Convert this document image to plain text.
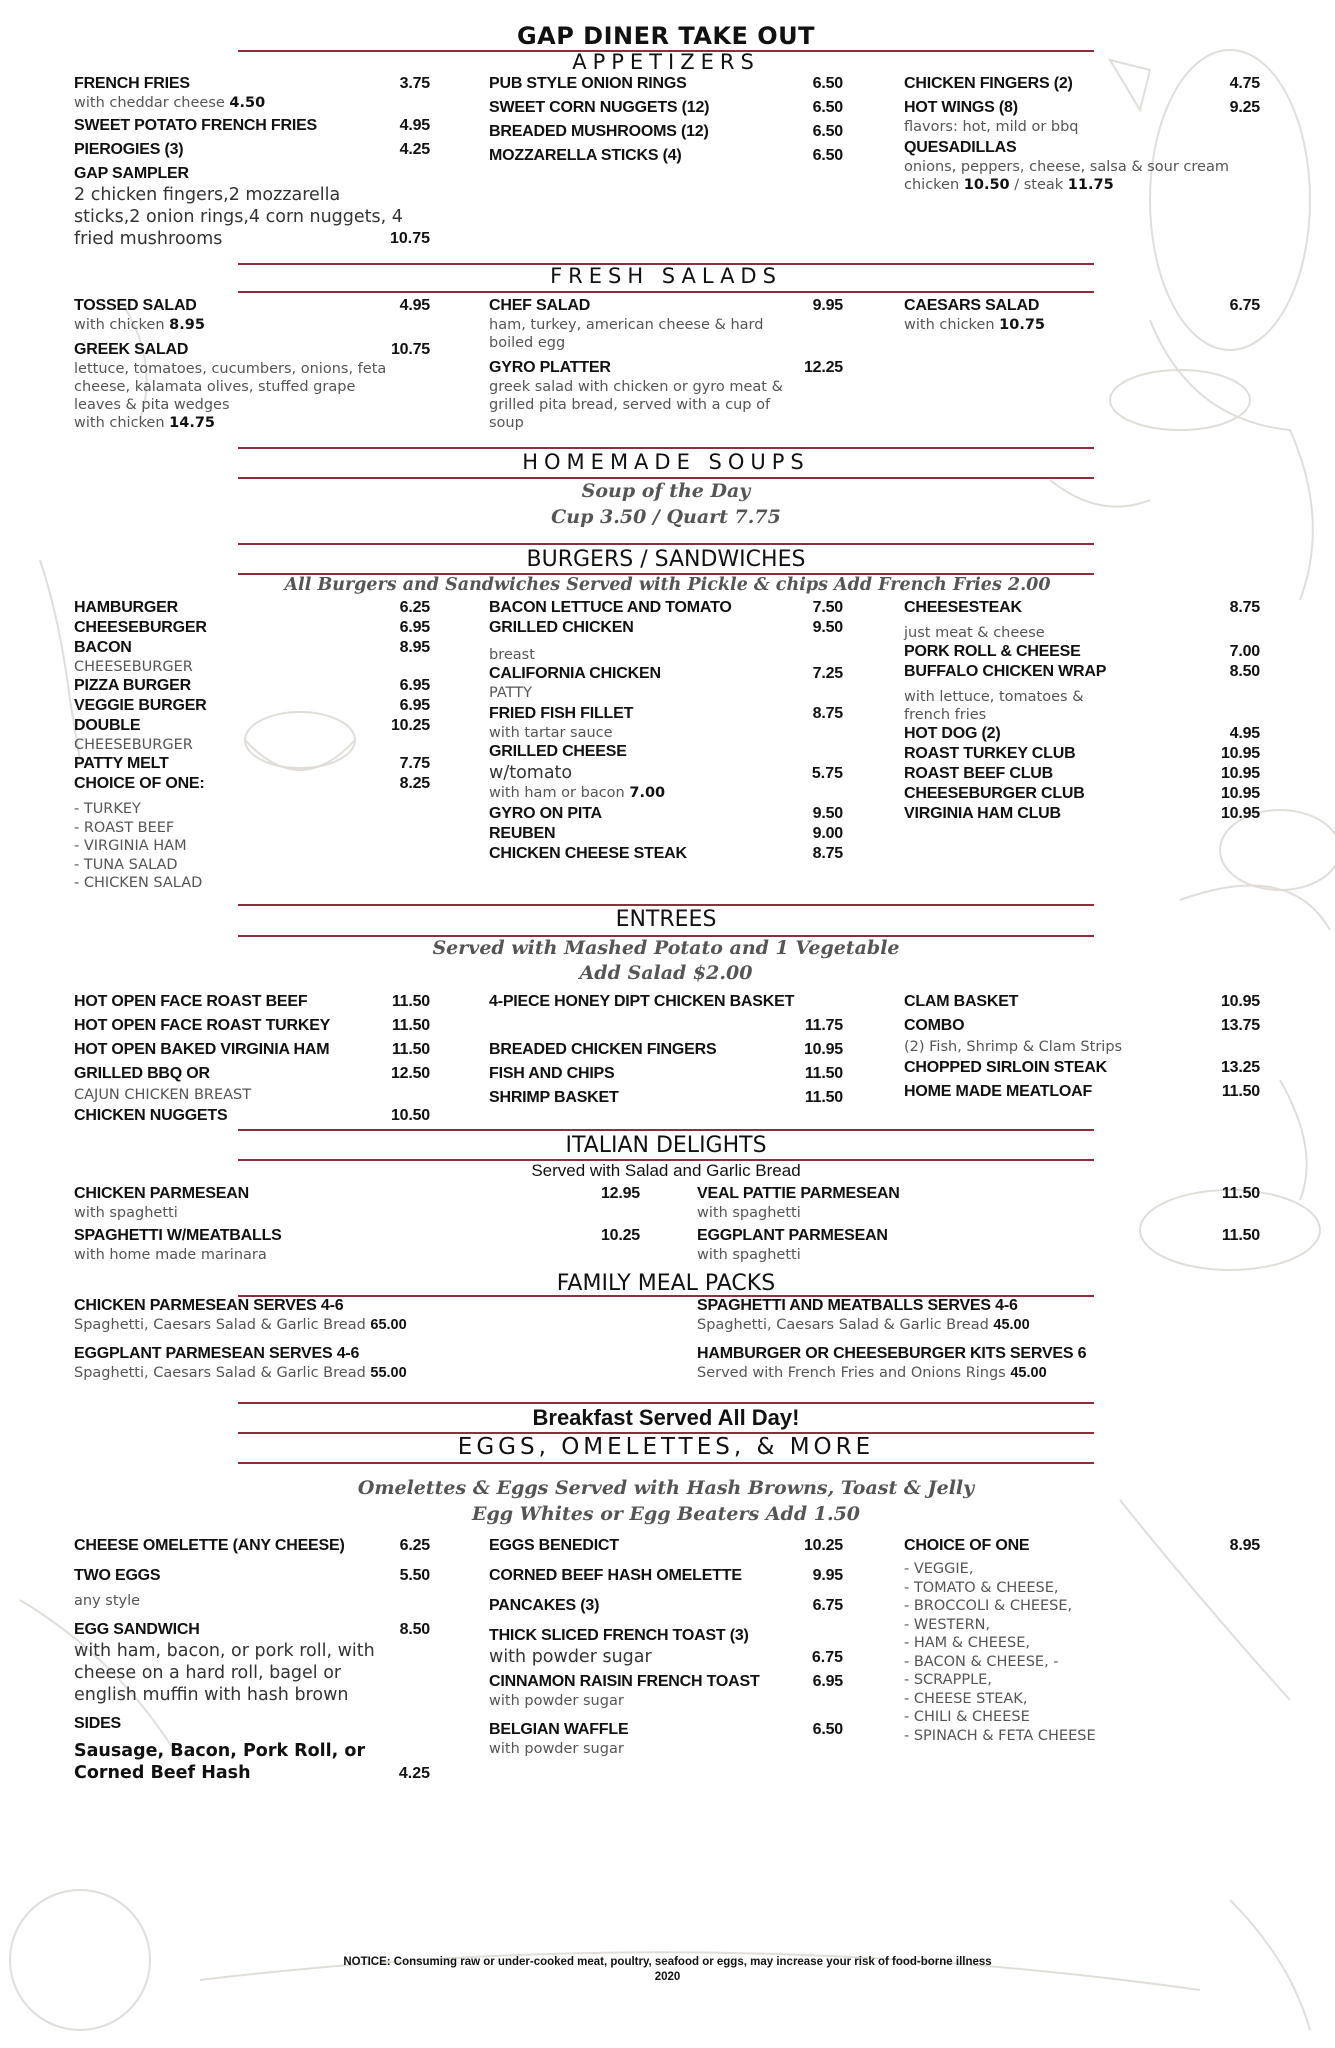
GAP DINER TAKE OUT
APPETIZERS
FRENCH FRIES	3.75
with cheddar cheese 4.50
SWEET POTATO FRENCH FRIES	4.95
PIEROGIES (3)	4.25
GAP SAMPLER
2 chicken fingers,2 mozzarella
sticks,2 onion rings,4 corn nuggets, 4
fried mushrooms	10.75
PUB STYLE ONION RINGS	6.50
SWEET CORN NUGGETS (12)	6.50
BREADED MUSHROOMS (12)	6.50
MOZZARELLA STICKS (4)	6.50
CHICKEN FINGERS (2)	4.75
HOT WINGS (8)	9.25
flavors: hot, mild or bbq
QUESADILLAS
onions, peppers, cheese, salsa & sour cream
chicken 10.50 / steak 11.75
FRESH SALADS
TOSSED SALAD	4.95
with chicken 8.95
GREEK SALAD	10.75
lettuce, tomatoes, cucumbers, onions, feta
cheese, kalamata olives, stuffed grape
leaves & pita wedges
with chicken 14.75
CHEF SALAD	9.95
ham, turkey, american cheese & hard
boiled egg
GYRO PLATTER	12.25
greek salad with chicken or gyro meat &
grilled pita bread, served with a cup of
soup
CAESARS SALAD	6.75
with chicken 10.75
HOMEMADE SOUPS
Soup of the Day
Cup 3.50 / Quart 7.75
BURGERS / SANDWICHES
All Burgers and Sandwiches Served with Pickle & chips Add French Fries 2.00
HAMBURGER	6.25
CHEESEBURGER	6.95
BACON	8.95
CHEESEBURGER
PIZZA BURGER	6.95
VEGGIE BURGER	6.95
DOUBLE	10.25
CHEESEBURGER
PATTY MELT	7.75
CHOICE OF ONE:	8.25
- TURKEY
- ROAST BEEF
- VIRGINIA HAM
- TUNA SALAD
- CHICKEN SALAD
BACON LETTUCE AND TOMATO	7.50
GRILLED CHICKEN	9.50
breast
CALIFORNIA CHICKEN	7.25
PATTY
FRIED FISH FILLET	8.75
with tartar sauce
GRILLED CHEESE
w/tomato	5.75
with ham or bacon 7.00
GYRO ON PITA	9.50
REUBEN	9.00
CHICKEN CHEESE STEAK	8.75
CHEESESTEAK	8.75
just meat & cheese
PORK ROLL & CHEESE	7.00
BUFFALO CHICKEN WRAP	8.50
with lettuce, tomatoes &
french fries
HOT DOG (2)	4.95
ROAST TURKEY CLUB	10.95
ROAST BEEF CLUB	10.95
CHEESEBURGER CLUB	10.95
VIRGINIA HAM CLUB	10.95
ENTREES
Served with Mashed Potato and 1 Vegetable
Add Salad $2.00
HOT OPEN FACE ROAST BEEF	11.50
HOT OPEN FACE ROAST TURKEY	11.50
HOT OPEN BAKED VIRGINIA HAM	11.50
GRILLED BBQ OR	12.50
CAJUN CHICKEN BREAST
CHICKEN NUGGETS	10.50
4-PIECE HONEY DIPT CHICKEN BASKET
11.75
BREADED CHICKEN FINGERS	10.95
FISH AND CHIPS	11.50
SHRIMP BASKET	11.50
CLAM BASKET	10.95
COMBO	13.75
(2) Fish, Shrimp & Clam Strips
CHOPPED SIRLOIN STEAK	13.25
HOME MADE MEATLOAF	11.50
ITALIAN DELIGHTS
Served with Salad and Garlic Bread
CHICKEN PARMESEAN	12.95
with spaghetti
SPAGHETTI W/MEATBALLS	10.25
with home made marinara
VEAL PATTIE PARMESEAN	11.50
with spaghetti
EGGPLANT PARMESEAN	11.50
with spaghetti
FAMILY MEAL PACKS
CHICKEN PARMESEAN SERVES 4-6
Spaghetti, Caesars Salad & Garlic Bread 65.00
EGGPLANT PARMESEAN SERVES 4-6
Spaghetti, Caesars Salad & Garlic Bread 55.00
SPAGHETTI AND MEATBALLS SERVES 4-6
Spaghetti, Caesars Salad & Garlic Bread 45.00
HAMBURGER OR CHEESEBURGER KITS SERVES 6
Served with French Fries and Onions Rings 45.00
Breakfast Served All Day!
EGGS, OMELETTES, & MORE
Omelettes & Eggs Served with Hash Browns, Toast & Jelly
Egg Whites or Egg Beaters Add 1.50
CHEESE OMELETTE (ANY CHEESE)	6.25
TWO EGGS	5.50
any style
EGG SANDWICH	8.50
with ham, bacon, or pork roll, with
cheese on a hard roll, bagel or
english muffin with hash brown
SIDES
Sausage, Bacon, Pork Roll, or
Corned Beef Hash	4.25
EGGS BENEDICT	10.25
CORNED BEEF HASH OMELETTE	9.95
PANCAKES (3)	6.75
THICK SLICED FRENCH TOAST (3)
with powder sugar	6.75
CINNAMON RAISIN FRENCH TOAST	6.95
with powder sugar
BELGIAN WAFFLE	6.50
with powder sugar
CHOICE OF ONE	8.95
- VEGGIE,
- TOMATO & CHEESE,
- BROCCOLI & CHEESE,
- WESTERN,
- HAM & CHEESE,
- BACON & CHEESE, -
- SCRAPPLE,
- CHEESE STEAK,
- CHILI & CHEESE
- SPINACH & FETA CHEESE
NOTICE: Consuming raw or under-cooked meat, poultry, seafood or eggs, may increase your risk of food-borne illness
2020
